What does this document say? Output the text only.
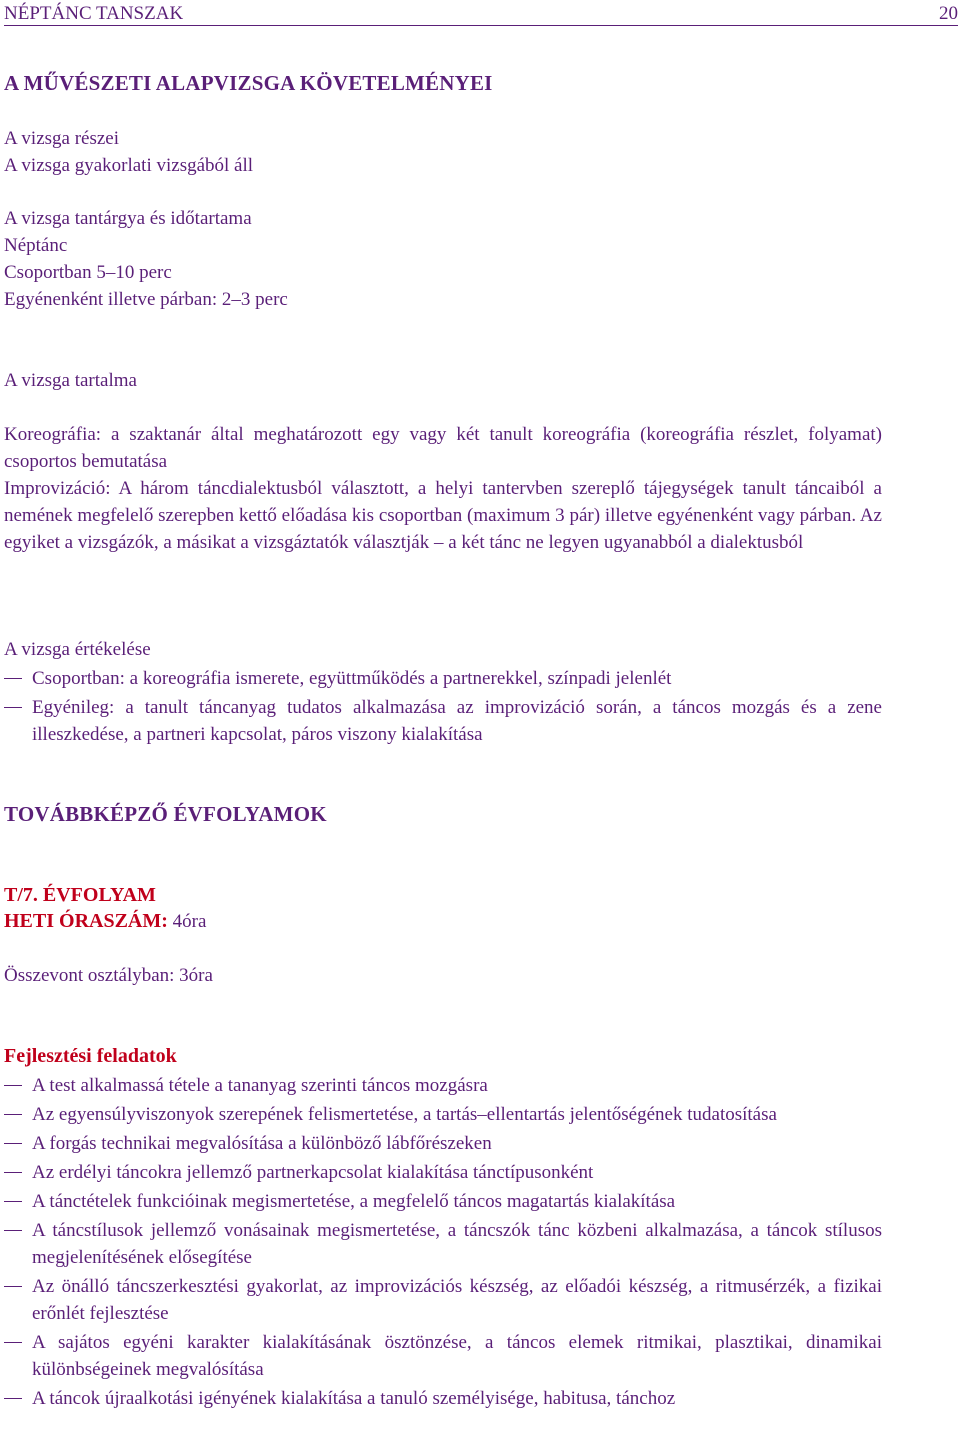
NÉPTÁNC TANSZAK	20
A MŰVÉSZETI ALAPVIZSGA KÖVETELMÉNYEI
A vizsga részei
A vizsga gyakorlati vizsgából áll
A vizsga tantárgya és időtartama
Néptánc
Csoportban 5–10 perc
Egyénenként illetve párban: 2–3 perc
A vizsga tartalma
Koreográfia: a szaktanár által meghatározott egy vagy két tanult koreográfia (koreográfia részlet, folyamat) csoportos bemutatása
Improvizáció: A három táncdialektusból választott, a helyi tantervben szereplő tájegységek tanult táncaiból a nemének megfelelő szerepben kettő előadása kis csoportban (maximum 3 pár) illetve egyénenként vagy párban. Az egyiket a vizsgázók, a másikat a vizsgáztatók választják – a két tánc ne legyen ugyanabból a dialektusból
A vizsga értékelése
Csoportban: a koreográfia ismerete, együttműködés a partnerekkel, színpadi jelenlét
Egyénileg: a tanult táncanyag tudatos alkalmazása az improvizáció során, a táncos mozgás és a zene illeszkedése, a partneri kapcsolat, páros viszony kialakítása
TOVÁBBKÉPZŐ ÉVFOLYAMOK
T/7. ÉVFOLYAM
HETI ÓRASZÁM: 4óra
Összevont osztályban: 3óra
Fejlesztési feladatok
A test alkalmassá tétele a tananyag szerinti táncos mozgásra
Az egyensúlyviszonyok szerepének felismertetése, a tartás–ellentartás jelentőségének tudatosítása
A forgás technikai megvalósítása a különböző lábfőrészeken
Az erdélyi táncokra jellemző partnerkapcsolat kialakítása tánctípusonként
A tánctételek funkcióinak megismertetése, a megfelelő táncos magatartás kialakítása
A táncstílusok jellemző vonásainak megismertetése, a táncszók tánc közbeni alkalmazása, a táncok stílusos megjelenítésének elősegítése
Az önálló táncszerkesztési gyakorlat, az improvizációs készség, az előadói készség, a ritmusérzék, a fizikai erőnlét fejlesztése
A sajátos egyéni karakter kialakításának ösztönzése, a táncos elemek ritmikai, plasztikai, dinamikai különbségeinek megvalósítása
A táncok újraalkotási igényének kialakítása a tanuló személyisége, habitusa, tánchoz
